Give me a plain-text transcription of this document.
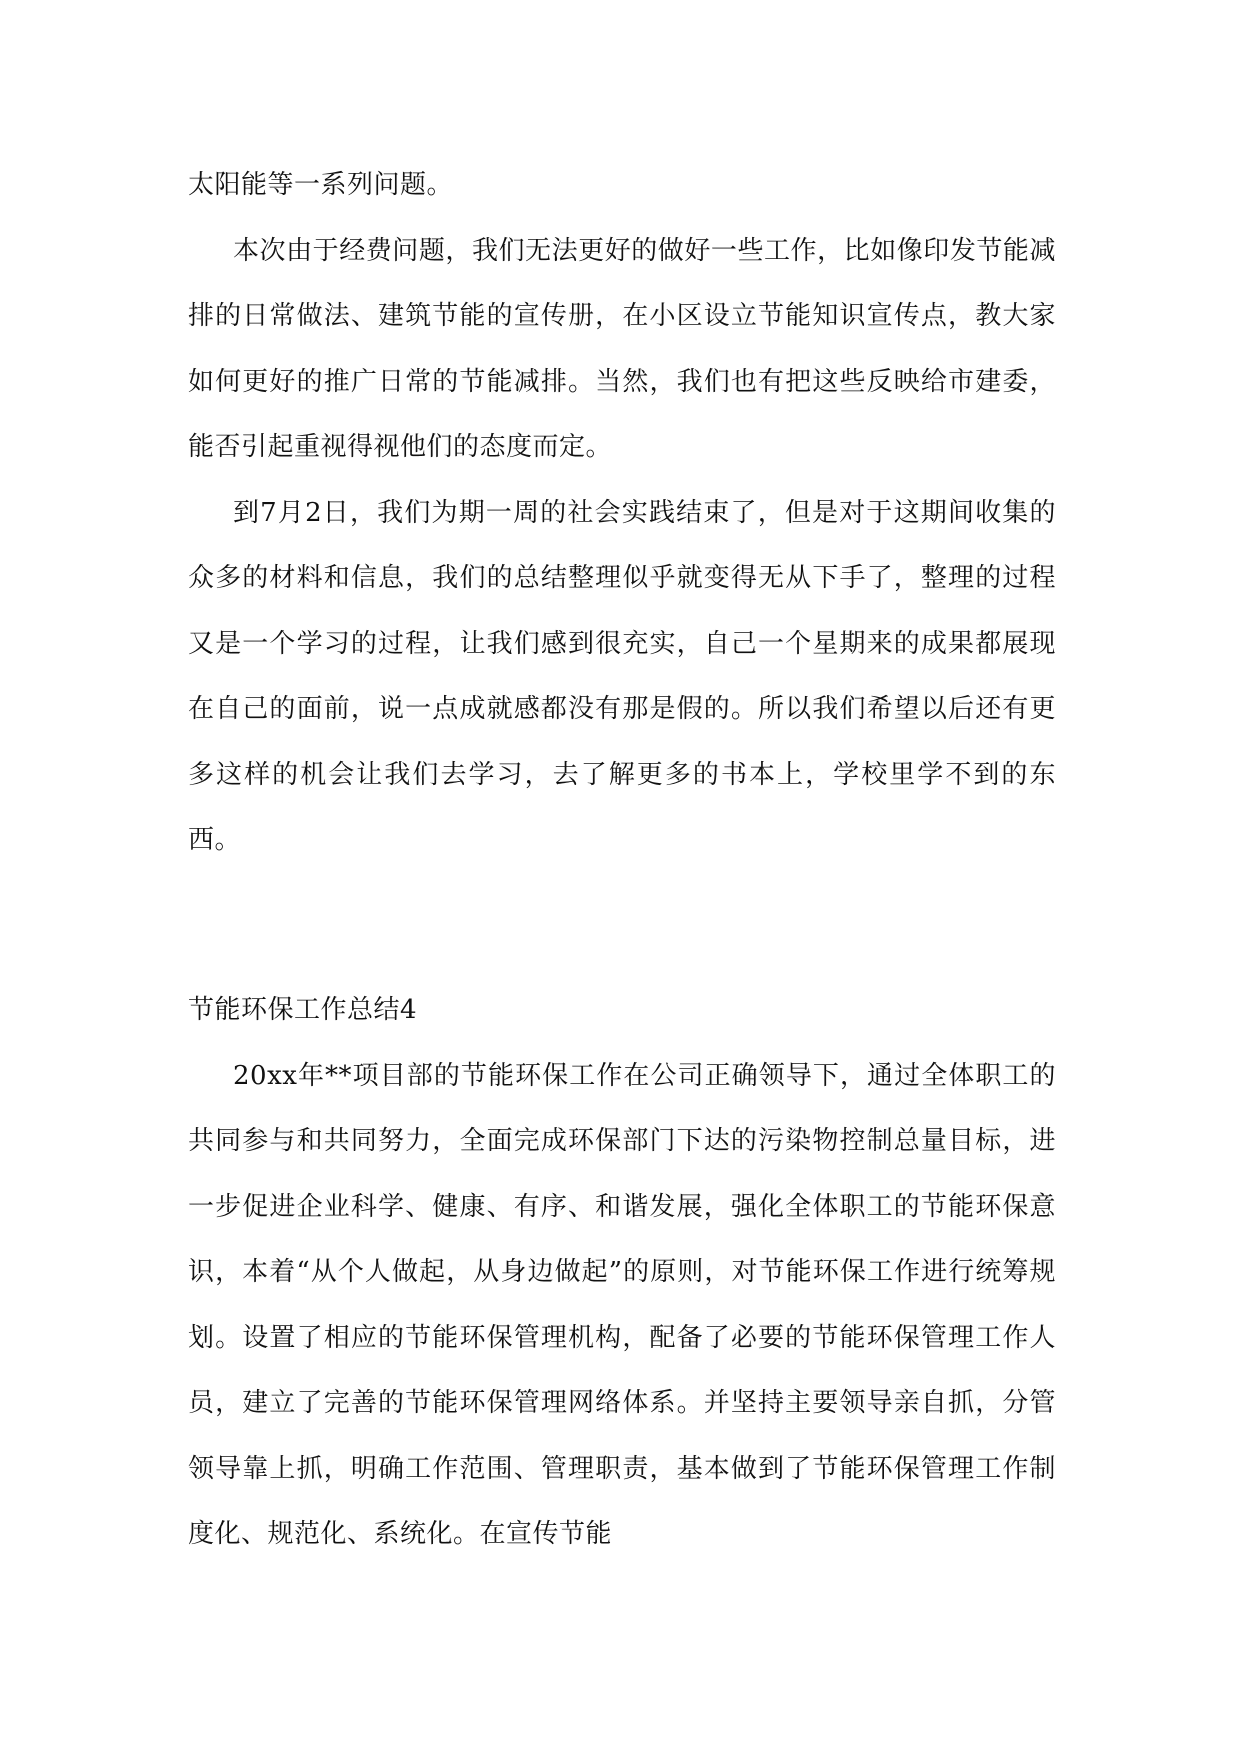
太阳能等一系列问题。

本次由于经费问题，我们无法更好的做好一些工作，比如像印发节能减排的日常做法、建筑节能的宣传册，在小区设立节能知识宣传点，教大家如何更好的推广日常的节能减排。当然，我们也有把这些反映给市建委，能否引起重视得视他们的态度而定。

到7月2日，我们为期一周的社会实践结束了，但是对于这期间收集的众多的材料和信息，我们的总结整理似乎就变得无从下手了，整理的过程又是一个学习的过程，让我们感到很充实，自己一个星期来的成果都展现在自己的面前，说一点成就感都没有那是假的。所以我们希望以后还有更多这样的机会让我们去学习，去了解更多的书本上，学校里学不到的东西。

节能环保工作总结4

20xx年**项目部的节能环保工作在公司正确领导下，通过全体职工的共同参与和共同努力，全面完成环保部门下达的污染物控制总量目标，进一步促进企业科学、健康、有序、和谐发展，强化全体职工的节能环保意识，本着“从个人做起，从身边做起”的原则，对节能环保工作进行统筹规划。设置了相应的节能环保管理机构，配备了必要的节能环保管理工作人员，建立了完善的节能环保管理网络体系。并坚持主要领导亲自抓，分管领导靠上抓，明确工作范围、管理职责，基本做到了节能环保管理工作制度化、规范化、系统化。在宣传节能
